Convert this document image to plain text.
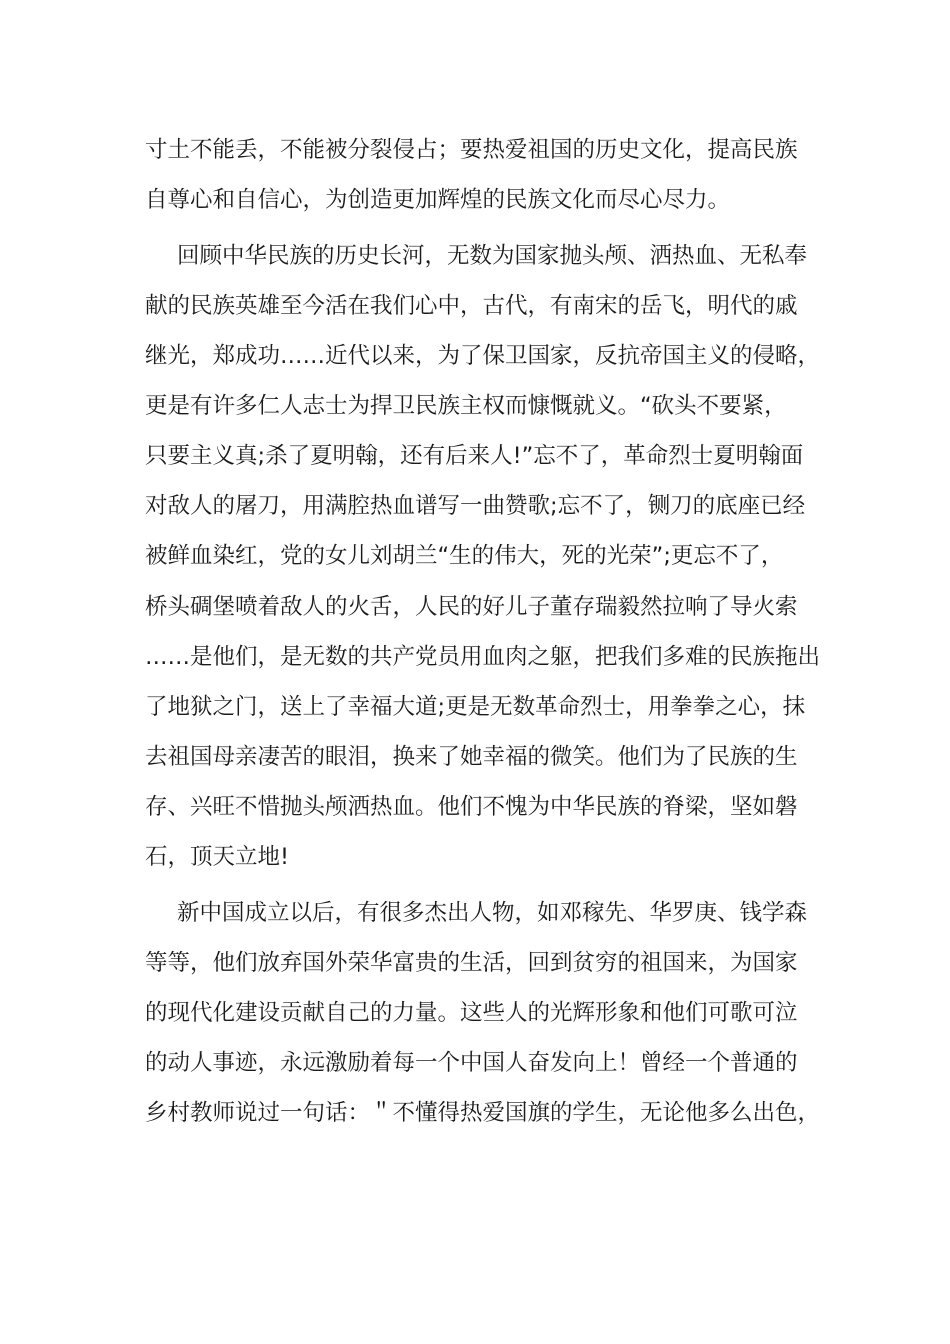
寸土不能丢，不能被分裂侵占；要热爱祖国的历史文化，提高民族
自尊心和自信心，为创造更加辉煌的民族文化而尽心尽力。
回顾中华民族的历史长河，无数为国家抛头颅、洒热血、无私奉
献的民族英雄至今活在我们心中，古代，有南宋的岳飞，明代的戚
继光，郑成功……近代以来，为了保卫国家，反抗帝国主义的侵略，
更是有许多仁人志士为捍卫民族主权而慷慨就义。“砍头不要紧，
只要主义真;杀了夏明翰，还有后来人!”忘不了，革命烈士夏明翰面
对敌人的屠刀，用满腔热血谱写一曲赞歌;忘不了，铡刀的底座已经
被鲜血染红，党的女儿刘胡兰“生的伟大，死的光荣”;更忘不了，
桥头碉堡喷着敌人的火舌，人民的好儿子董存瑞毅然拉响了导火索
……是他们，是无数的共产党员用血肉之躯，把我们多难的民族拖出
了地狱之门，送上了幸福大道;更是无数革命烈士，用拳拳之心，抹
去祖国母亲凄苦的眼泪，换来了她幸福的微笑。他们为了民族的生
存、兴旺不惜抛头颅洒热血。他们不愧为中华民族的脊梁，坚如磐
石，顶天立地!
新中国成立以后，有很多杰出人物，如邓稼先、华罗庚、钱学森
等等，他们放弃国外荣华富贵的生活，回到贫穷的祖国来，为国家
的现代化建设贡献自己的力量。这些人的光辉形象和他们可歌可泣
的动人事迹，永远激励着每一个中国人奋发向上！曾经一个普通的
乡村教师说过一句话：＂不懂得热爱国旗的学生，无论他多么出色，
